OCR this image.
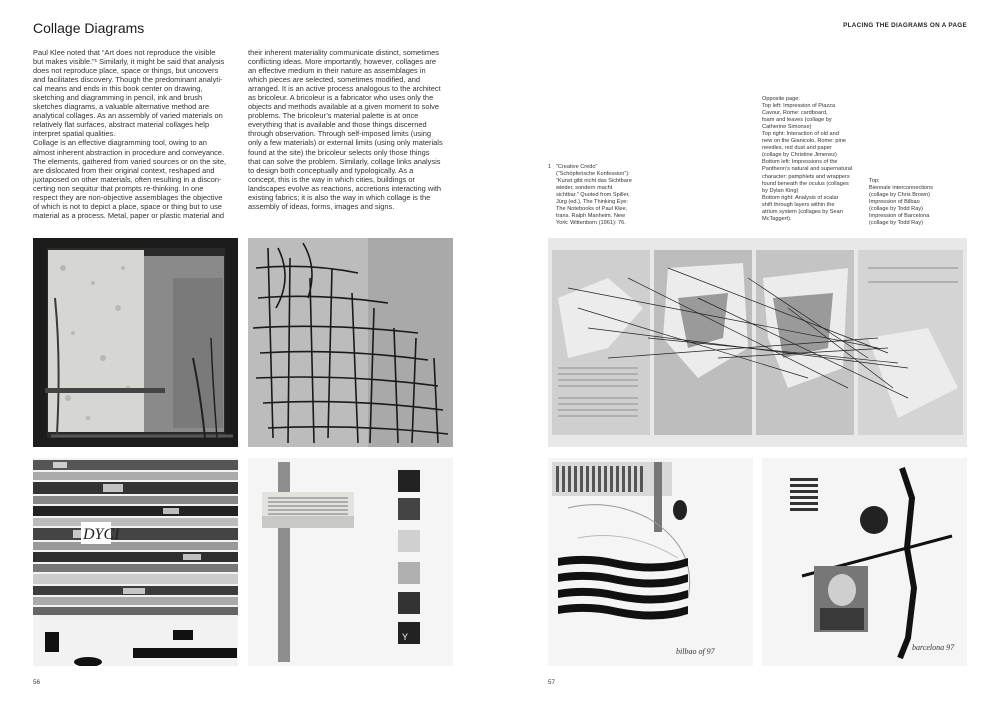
Collage Diagrams	PLACING THE DIAGRAMS ON A PAGE

Paul Klee noted that “Art does not reproduce the visible

but makes visible.”¹ Similarly, it might be said that analysis

does not reproduce place, space or things, but uncovers

and facilitates discovery. Though the predominant analyti-

cal means and ends in this book center on drawing,

sketching and diagramming in pencil, ink and brush

sketches diagrams, a valuable alternative method are

analytical collages. As an assembly of varied materials on

relatively flat surfaces, abstract material collages help

interpret spatial qualities.

Collage is an effective diagramming tool, owing to an

almost inherent abstraction in procedure and conveyance.

The elements, gathered from varied sources or on the site,

are dislocated from their original context, reshaped and

juxtaposed on other materials, often resulting in a discon-

certing non sequitur that prompts re-thinking. In one

respect they are non-objective assemblages the objective

of which is not to depict a place, space or thing but to use

material as a process. Metal, paper or plastic material and

their inherent materiality communicate distinct, sometimes

conflicting ideas. More importantly, however, collages are

an effective medium in their nature as assemblages in

which pieces are selected, sometimes modified, and

arranged. It is an active process analogous to the architect

as bricoleur. A bricoleur is a fabricator who uses only the

objects and methods available at a given moment to solve

problems. The bricoleur’s material palette is at once

everything that is available and those things discerned

through observation. Through self-imposed limits (using

only a few materials) or external limits (using only materials

found at the site) the bricoleur selects only those things

that can solve the problem. Similarly, collage links analysis

to design both conceptually and typologically. As a

concept, this is the way in which cities, buildings or

landscapes evolve as reactions, accretions interacting with

existing fabrics; it is also the way in which collage is the

assembly of ideas, forms, images and signs.

1 “Creative Credo”
(“Schöpferische Konfession”):
“Kunst gibt nicht das Sichtbare
wieder, sondern macht
sichtbar.” Quoted from Spiller,
Jürg (ed.), The Thinking Eye:
The Notebooks of Paul Klee,
trans. Ralph Manheim. New
York: Wittenborn (1961): 76.
Opposite page:
Top left: Impression of Piazza
Cavour, Rome: cardboard,
foam and leaves (collage by
Catherine Simonse)
Top right: Interaction of old and
new on the Gianicolo, Rome: pine
needles, red dust and paper
(collage by Christine Jimenez)
Bottom left: Impressions of the
Pantheon’s natural and supernatural
character: pamphlets and wrappers
found beneath the oculus (collages
by Dylan King)
Bottom right: Analysis of scalar
shift through layers within the
atrium system (collages by Sean
McTaggert).
Top:
Biennale interconnections
(collage by Chris Brown)
Impression of Bilbao
(collage by Todd Ray)
Impression of Barcelona
(collage by Todd Ray)
DYCI
Y
bilbao of 97	barcelona 97
56	57
